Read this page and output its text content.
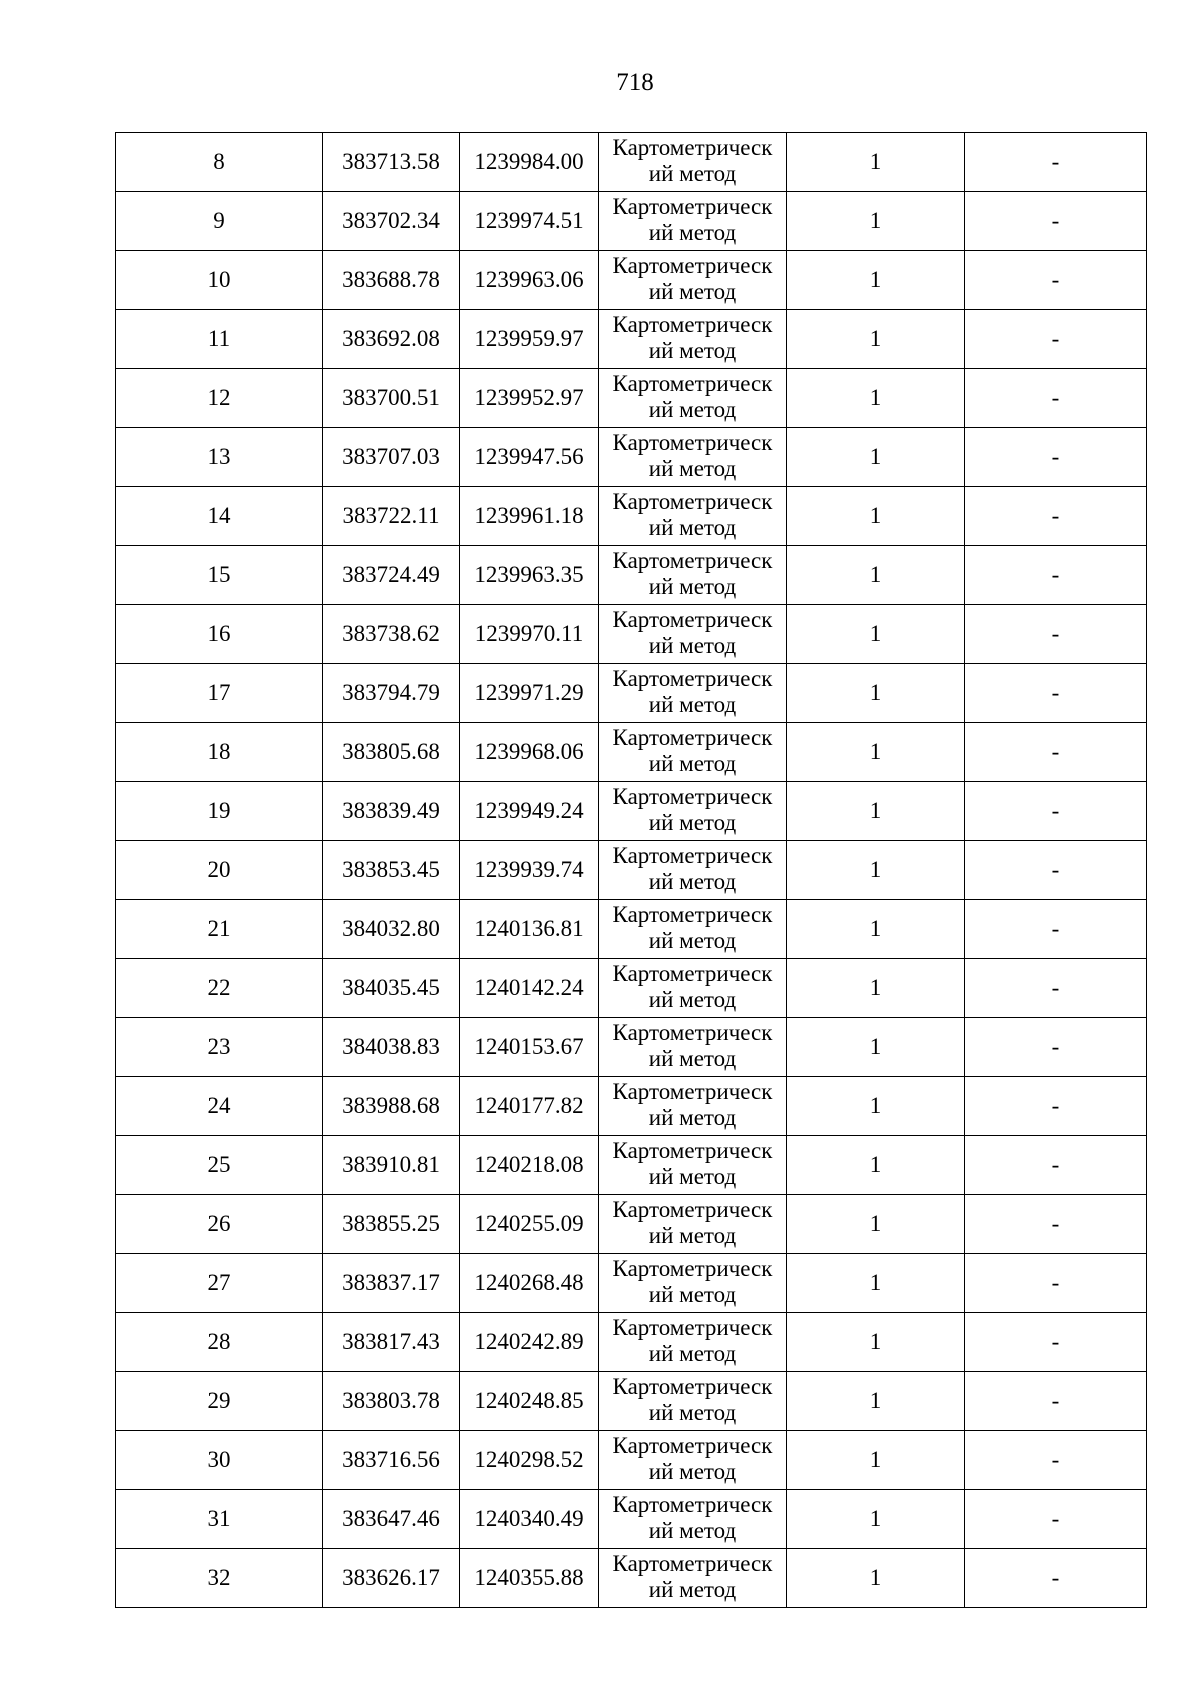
718
8	383713.58	1239984.00	Картометрический метод	1	-
9	383702.34	1239974.51	Картометрический метод	1	-
10	383688.78	1239963.06	Картометрический метод	1	-
11	383692.08	1239959.97	Картометрический метод	1	-
12	383700.51	1239952.97	Картометрический метод	1	-
13	383707.03	1239947.56	Картометрический метод	1	-
14	383722.11	1239961.18	Картометрический метод	1	-
15	383724.49	1239963.35	Картометрический метод	1	-
16	383738.62	1239970.11	Картометрический метод	1	-
17	383794.79	1239971.29	Картометрический метод	1	-
18	383805.68	1239968.06	Картометрический метод	1	-
19	383839.49	1239949.24	Картометрический метод	1	-
20	383853.45	1239939.74	Картометрический метод	1	-
21	384032.80	1240136.81	Картометрический метод	1	-
22	384035.45	1240142.24	Картометрический метод	1	-
23	384038.83	1240153.67	Картометрический метод	1	-
24	383988.68	1240177.82	Картометрический метод	1	-
25	383910.81	1240218.08	Картометрический метод	1	-
26	383855.25	1240255.09	Картометрический метод	1	-
27	383837.17	1240268.48	Картометрический метод	1	-
28	383817.43	1240242.89	Картометрический метод	1	-
29	383803.78	1240248.85	Картометрический метод	1	-
30	383716.56	1240298.52	Картометрический метод	1	-
31	383647.46	1240340.49	Картометрический метод	1	-
32	383626.17	1240355.88	Картометрический метод	1	-
